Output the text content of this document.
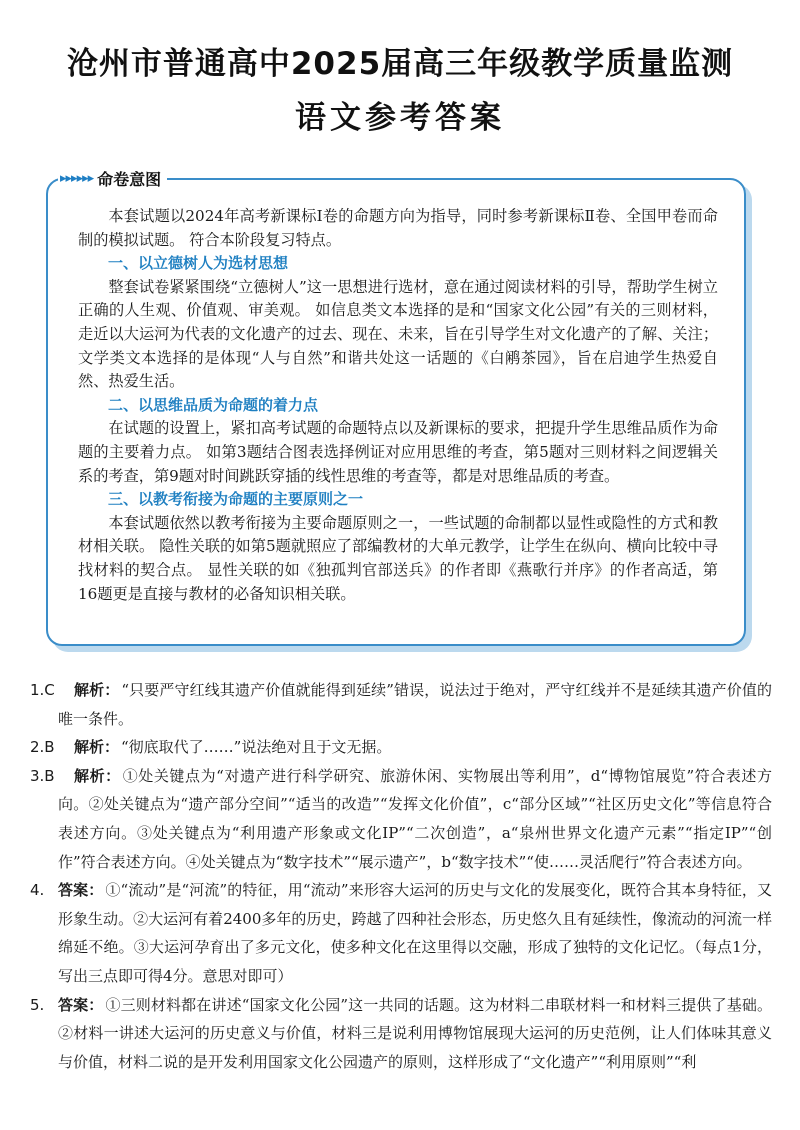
沧州市普通高中2025届高三年级教学质量监测
语文参考答案
▸▸▸▸▸▸ 命卷意图

本套试题以2024年高考新课标Ⅰ卷的命题方向为指导，同时参考新课标Ⅱ卷、全国甲卷而命制的模拟试题。 符合本阶段复习特点。

一、以立德树人为选材思想

整套试卷紧紧围绕“立德树人”这一思想进行选材，意在通过阅读材料的引导，帮助学生树立正确的人生观、价值观、审美观。 如信息类文本选择的是和“国家文化公园”有关的三则材料，走近以大运河为代表的文化遗产的过去、现在、未来，旨在引导学生对文化遗产的了解、关注；文学类文本选择的是体现“人与自然”和谐共处这一话题的《白鹇茶园》，旨在启迪学生热爱自然、热爱生活。

二、以思维品质为命题的着力点

在试题的设置上，紧扣高考试题的命题特点以及新课标的要求，把提升学生思维品质作为命题的主要着力点。 如第3题结合图表选择例证对应用思维的考查，第5题对三则材料之间逻辑关系的考查，第9题对时间跳跃穿插的线性思维的考查等，都是对思维品质的考查。

三、以教考衔接为命题的主要原则之一

本套试题依然以教考衔接为主要命题原则之一，一些试题的命制都以显性或隐性的方式和教材相关联。 隐性关联的如第5题就照应了部编教材的大单元教学，让学生在纵向、横向比较中寻找材料的契合点。 显性关联的如《独孤判官部送兵》的作者即《燕歌行并序》的作者高适，第16题更是直接与教材的必备知识相关联。

1.C	解析： “只要严守红线其遗产价值就能得到延续”错误，说法过于绝对，严守红线并不是延续其遗产价值的唯一条件。
2.B	解析： “彻底取代了……”说法绝对且于文无据。
3.B	解析： ①处关键点为“对遗产进行科学研究、旅游休闲、实物展出等利用”，d“博物馆展览”符合表述方向。②处关键点为“遗产部分空间”“适当的改造”“发挥文化价值”，c“部分区域”“社区历史文化”等信息符合表述方向。③处关键点为“利用遗产形象或文化IP”“二次创造”，a“泉州世界文化遗产元素”“指定IP”“创作”符合表述方向。④处关键点为“数字技术”“展示遗产”，b“数字技术”“使……灵活爬行”符合表述方向。
4. 答案： ①“流动”是“河流”的特征，用“流动”来形容大运河的历史与文化的发展变化，既符合其本身特征，又形象生动。②大运河有着2400多年的历史，跨越了四种社会形态，历史悠久且有延续性，像流动的河流一样绵延不绝。③大运河孕育出了多元文化，使多种文化在这里得以交融，形成了独特的文化记忆。（每点1分，写出三点即可得4分。意思对即可）
5. 答案： ①三则材料都在讲述“国家文化公园”这一共同的话题。这为材料二串联材料一和材料三提供了基础。②材料一讲述大运河的历史意义与价值，材料三是说利用博物馆展现大运河的历史范例，让人们体味其意义与价值，材料二说的是开发利用国家文化公园遗产的原则，这样形成了“文化遗产”“利用原则”“利
